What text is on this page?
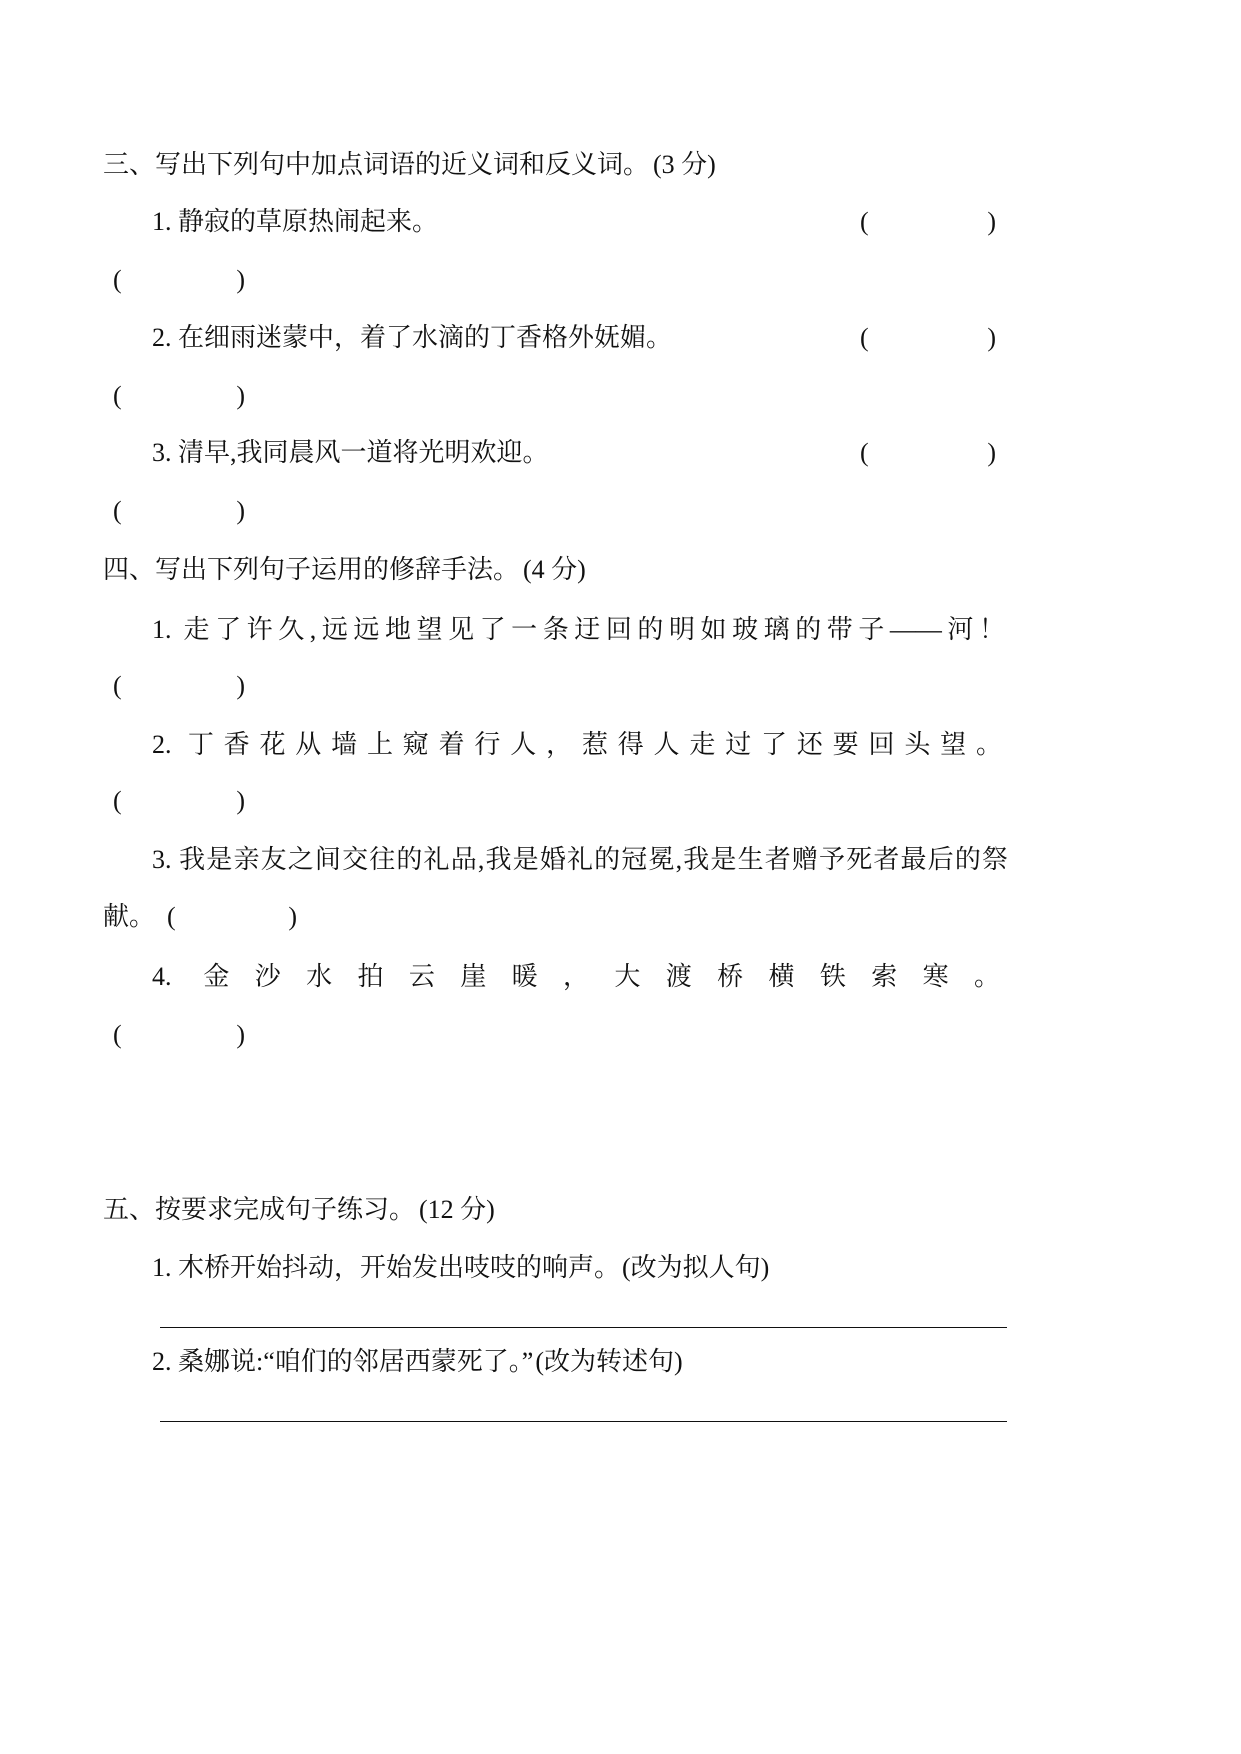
三、写出下列句中加点词语的近义词和反义词。 (3 分)
1. 静寂的草原热闹起来。	(	)
(	)
2. 在细雨迷蒙中，着了水滴的丁香格外妩媚。	(	)
(	)
3. 清早,我同晨风一道将光明欢迎。	(	)
(	)
四、写出下列句子运用的修辞手法。 (4 分)
1. 走了许久,远远地望见了一条迂回的明如玻璃的带子——河！
(	)
2. 丁香花从墙上窥着行人，惹得人走过了还要回头望。
(	)
3. 我是亲友之间交往的礼品,我是婚礼的冠冕,我是生者赠予死者最后的祭
献。 (	)
4. 金沙水拍云崖暖，大渡桥横铁索寒。
(	)
五、按要求完成句子练习。 (12 分)
1. 木桥开始抖动，开始发出吱吱的响声。(改为拟人句)
2. 桑娜说:“咱们的邻居西蒙死了。”(改为转述句)
